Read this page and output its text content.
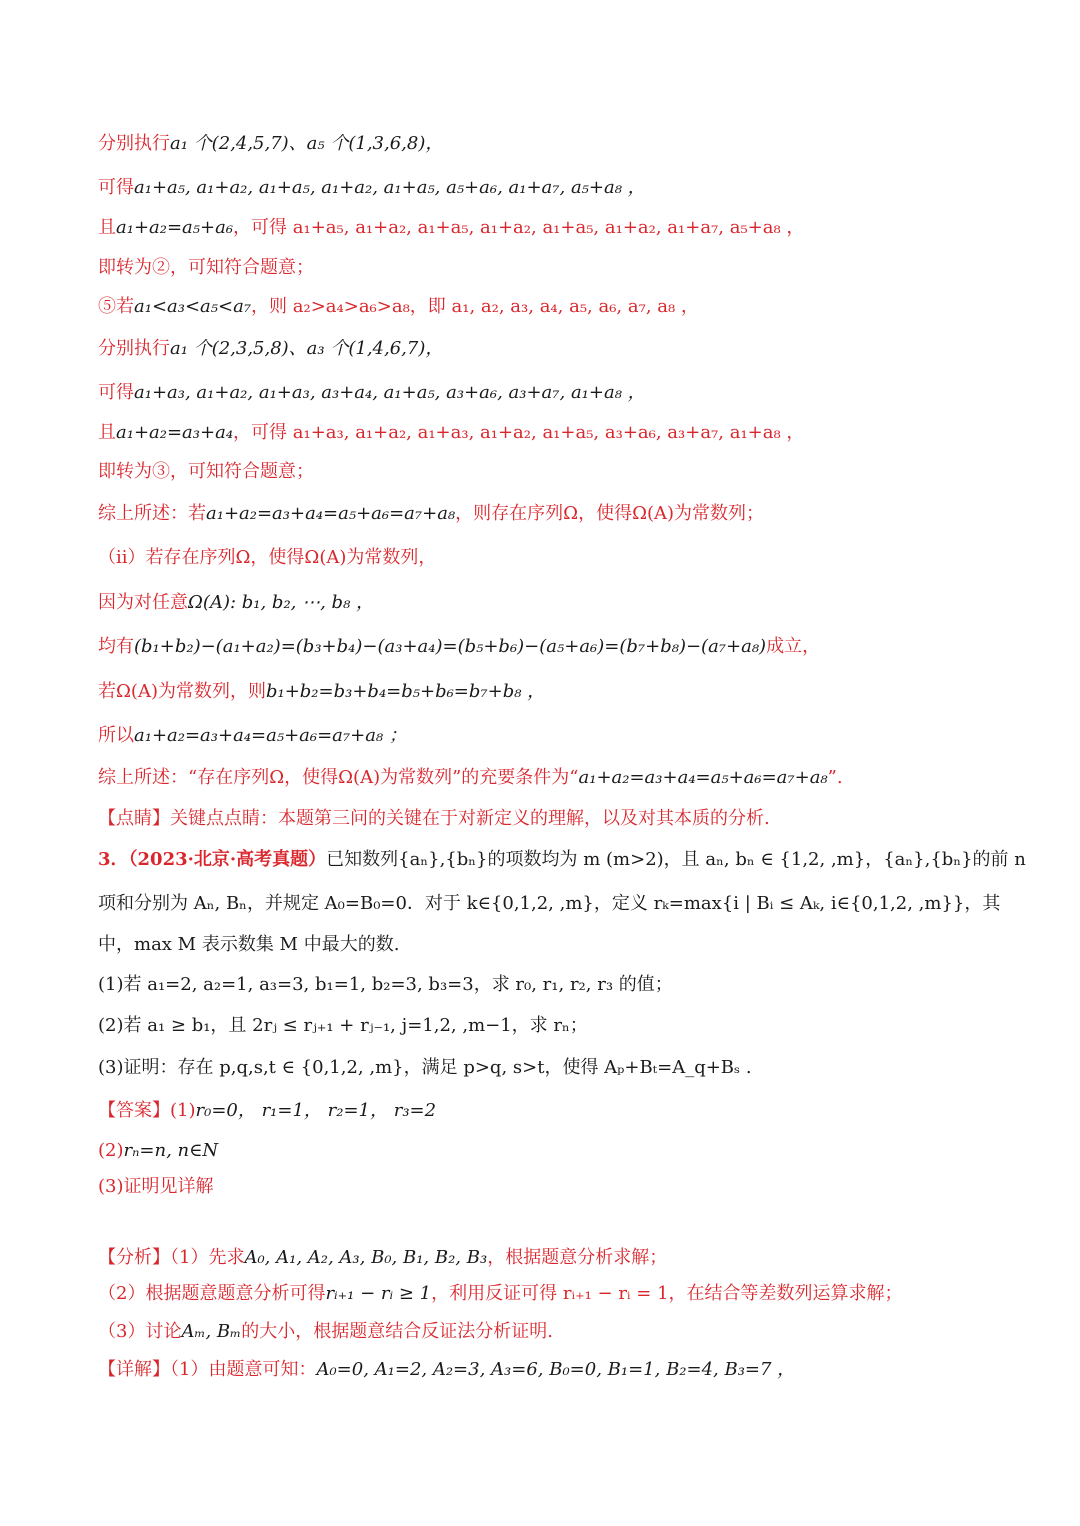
分别执行a₁ 个(2,4,5,7)、a₅ 个(1,3,6,8)，
可得a₁+a₅, a₁+a₂, a₁+a₅, a₁+a₂, a₁+a₅, a₅+a₆, a₁+a₇, a₅+a₈ ，
且a₁+a₂=a₅+a₆，可得 a₁+a₅, a₁+a₂, a₁+a₅, a₁+a₂, a₁+a₅, a₁+a₂, a₁+a₇, a₅+a₈ ，
即转为②，可知符合题意；
⑤若a₁<a₃<a₅<a₇，则 a₂>a₄>a₆>a₈，即 a₁, a₂, a₃, a₄, a₅, a₆, a₇, a₈ ，
分别执行a₁ 个(2,3,5,8)、a₃ 个(1,4,6,7)，
可得a₁+a₃, a₁+a₂, a₁+a₃, a₃+a₄, a₁+a₅, a₃+a₆, a₃+a₇, a₁+a₈ ，
且a₁+a₂=a₃+a₄，可得 a₁+a₃, a₁+a₂, a₁+a₃, a₁+a₂, a₁+a₅, a₃+a₆, a₃+a₇, a₁+a₈ ，
即转为③，可知符合题意；
综上所述：若a₁+a₂=a₃+a₄=a₅+a₆=a₇+a₈，则存在序列Ω，使得Ω(A)为常数列；
（ⅱ）若存在序列Ω，使得Ω(A)为常数列，
因为对任意Ω(A): b₁, b₂, ⋯, b₈ ，
均有(b₁+b₂)−(a₁+a₂)=(b₃+b₄)−(a₃+a₄)=(b₅+b₆)−(a₅+a₆)=(b₇+b₈)−(a₇+a₈)成立，
若Ω(A)为常数列，则b₁+b₂=b₃+b₄=b₅+b₆=b₇+b₈ ，
所以a₁+a₂=a₃+a₄=a₅+a₆=a₇+a₈ ；
综上所述：“存在序列Ω，使得Ω(A)为常数列”的充要条件为“a₁+a₂=a₃+a₄=a₅+a₆=a₇+a₈”.
【点睛】关键点点睛：本题第三问的关键在于对新定义的理解，以及对其本质的分析.
3．（2023·北京·高考真题）已知数列{aₙ},{bₙ}的项数均为 m (m>2)，且 aₙ, bₙ ∈ {1,2, ,m}，{aₙ},{bₙ}的前 n
项和分别为 Aₙ, Bₙ，并规定 A₀=B₀=0．对于 k∈{0,1,2, ,m}，定义 rₖ=max{i | Bᵢ ≤ Aₖ, i∈{0,1,2, ,m}}，其
中，max M 表示数集 M 中最大的数.
(1)若 a₁=2, a₂=1, a₃=3, b₁=1, b₂=3, b₃=3，求 r₀, r₁, r₂, r₃ 的值；
(2)若 a₁ ≥ b₁，且 2rⱼ ≤ rⱼ₊₁ + rⱼ₋₁, j=1,2, ,m−1，求 rₙ；
(3)证明：存在 p,q,s,t ∈ {0,1,2, ,m}，满足 p>q, s>t，使得 Aₚ+Bₜ=A_q+Bₛ .
【答案】(1)r₀=0， r₁=1， r₂=1， r₃=2
(2)rₙ=n, n∈N
(3)证明见详解
【分析】（1）先求A₀, A₁, A₂, A₃, B₀, B₁, B₂, B₃，根据题意分析求解；
（2）根据题意题意分析可得rᵢ₊₁ − rᵢ ≥ 1，利用反证可得 rᵢ₊₁ − rᵢ = 1，在结合等差数列运算求解；
（3）讨论Aₘ, Bₘ的大小，根据题意结合反证法分析证明.
【详解】（1）由题意可知：A₀=0, A₁=2, A₂=3, A₃=6, B₀=0, B₁=1, B₂=4, B₃=7 ，
